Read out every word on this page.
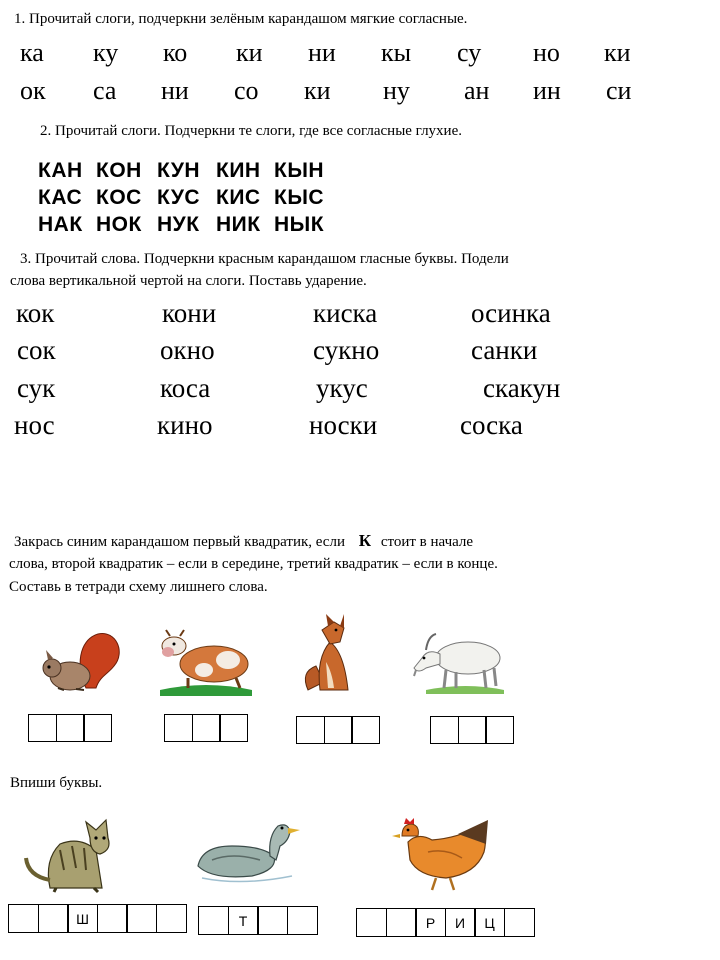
1. Прочитай слоги, подчеркни зелёным карандашом мягкие согласные.
ка ку ко ки ни кы су но ки
ок са ни со ки ну ан ин си
2. Прочитай слоги. Подчеркни те слоги, где все согласные глухие.
КАН КОН КУН КИН КЫН
КАС КОС КУС КИС КЫС
НАК НОК НУК НИК НЫК
3. Прочитай слова. Подчеркни красным карандашом гласные буквы. Подели
слова вертикальной чертой на слоги. Поставь ударение.
кок	кони	киска	осинка
сок	окно	сукно	санки
сук	коса	укус	скакун
нос	кино	носки	соска
Закрась синим карандашом первый квадратик, если К стоит в начале
слова, второй квадратик – если в середине, третий квадратик – если в конце.
Составь в тетради схему лишнего слова.
Впиши буквы.
Ш	Т	Р	И	Ц
